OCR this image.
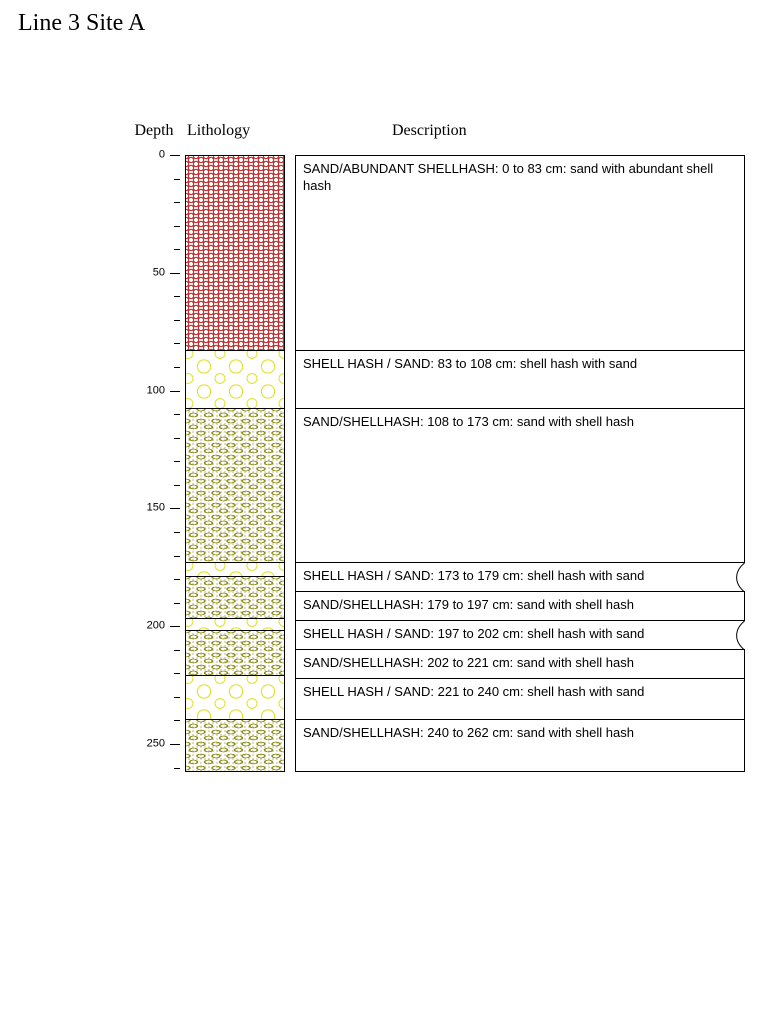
Line 3 Site A
Depth Lithology	Description
0
50
100
150
200
250
SAND/ABUNDANT SHELLHASH: 0 to 83 cm: sand with abundant shell hash
SHELL HASH / SAND: 83 to 108 cm: shell hash with sand
SAND/SHELLHASH: 108 to 173 cm: sand with shell hash
SHELL HASH / SAND: 173 to 179 cm: shell hash with sand
SAND/SHELLHASH: 179 to 197 cm: sand with shell hash
SHELL HASH / SAND: 197 to 202 cm: shell hash with sand
SAND/SHELLHASH: 202 to 221 cm: sand with shell hash
SHELL HASH / SAND: 221 to 240 cm: shell hash with sand
SAND/SHELLHASH: 240 to 262 cm: sand with shell hash
